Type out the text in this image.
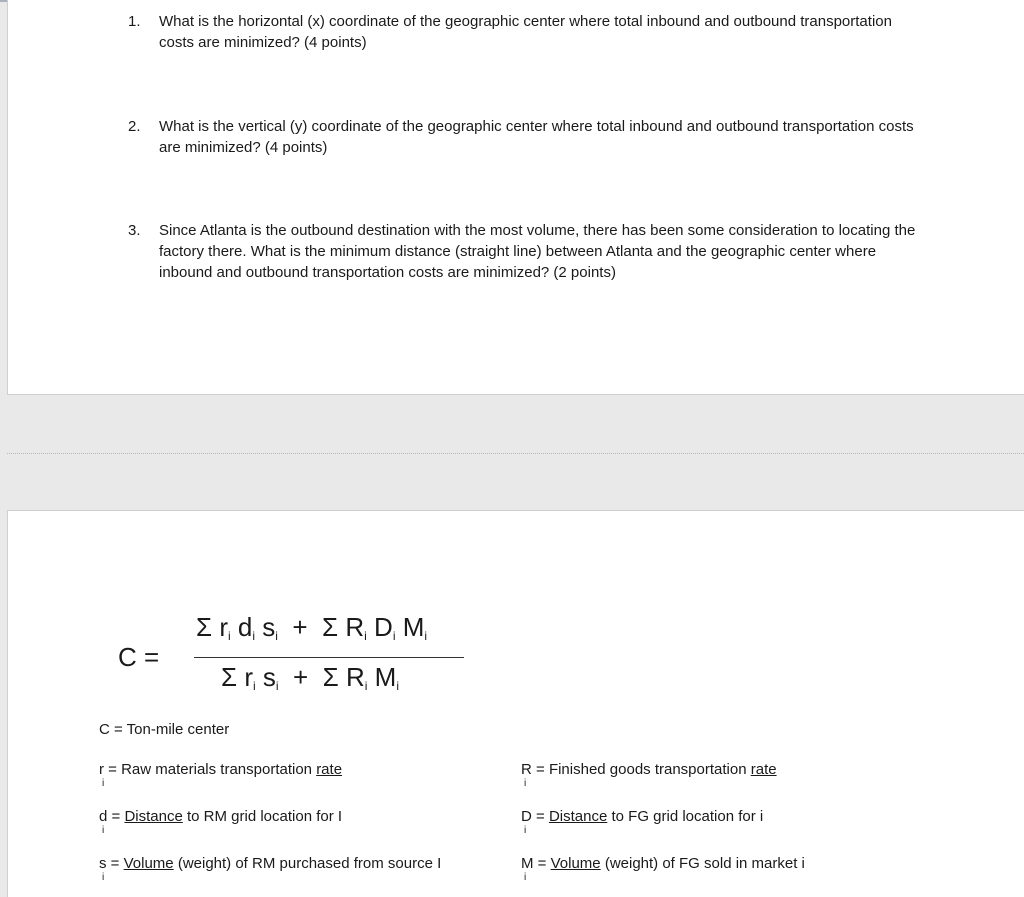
1. What is the horizontal (x) coordinate of the geographic center where total inbound and outbound transportation costs are minimized? (4 points)
2. What is the vertical (y) coordinate of the geographic center where total inbound and outbound transportation costs are minimized? (4 points)
3. Since Atlanta is the outbound destination with the most volume, there has been some consideration to locating the factory there. What is the minimum distance (straight line) between Atlanta and the geographic center where inbound and outbound transportation costs are minimized? (2 points)
C =
Σ $r_i$ $d_i$ $s_i + \Sigma$ $R_i$ $D_i$ $M_i$
Σ $r_i$ $s_i + \Sigma$ $R_i$ $M_i$
C = Ton-mile center
r
i
= Raw materials transportation rate
d
i
= Distance to RM grid location for I
s
i
= Volume (weight) of RM purchased from source I
R
i
= Finished goods transportation rate
D
i
= Distance to FG grid location for i
M
i
= Volume (weight) of FG sold in market i
